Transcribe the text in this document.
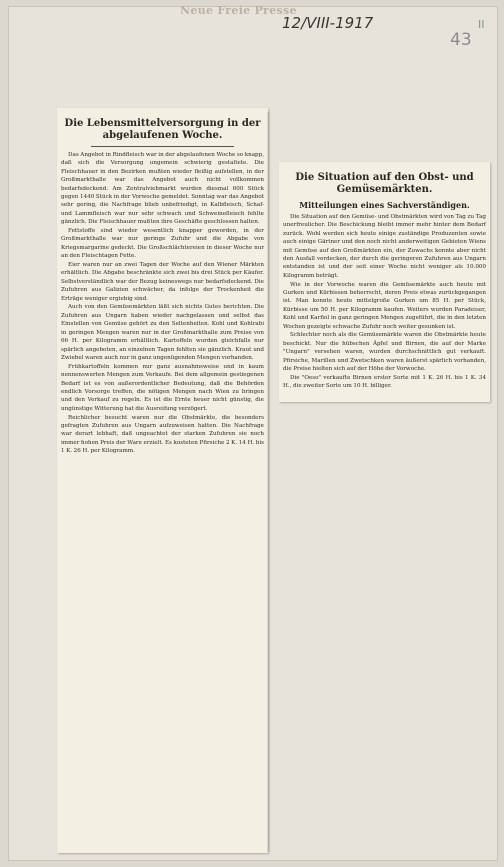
Neue Freie Presse
12/VIII-1917
43
II
Die Lebensmittelversorgung in der abgelaufenen Woche.

Das Angebot in Rindfleisch war in der abgelaufenen Woche so knapp, daß sich die Versorgung ungemein schwierig gestaltete. Die Fleischhauer in den Bezirken mußten wieder fleißig aufstellen, in der Großmarkthalle war das Angebot auch nicht vollkommen bedarfsdeckend. Am Zentralviehmarkt wurden diesmal 600 Stück gegen 1440 Stück in der Vorwoche gemeldet. Sonntag war das Angebot sehr gering, die Nachfrage blieb unbefriedigt, in Kalbfleisch, Schaf- und Lammfleisch war nur sehr schwach und Schweinefleisch fehlte gänzlich. Die Fleischhauer mußten ihre Geschäfte geschlossen halten.

Fettstoffe sind wieder wesentlich knapper geworden, in der Großmarkthalle war nur geringe Zufuhr und die Abgabe von Kriegsmargarine gedeckt. Die Großschlächtereien in dieser Woche nur an den Fleischtagen Fette.

Eier waren nur an zwei Tagen der Woche auf den Wiener Märkten erhältlich. Die Abgabe beschränkte sich zwei bis drei Stück per Käufer. Selbstverständlich war der Bezug keineswegs nur bedarfsdeckend. Die Zufuhren aus Galizien schwächer, da infolge der Trockenheit die Erträge weniger ergiebig sind.

Auch von den Gemüsemärkten läßt sich nichts Gutes berichten. Die Zufuhren aus Ungarn haben wieder nachgelassen und selbst das Einstellen von Gemüse gehört zu den Seltenheiten. Kohl und Kohlrabi in geringen Mengen waren nur in der Großmarkthalle zum Preise von 66 H. per Kilogramm erhältlich. Kartoffeln wurden gleichfalls nur spärlich angeboten, an einzelnen Tagen fehlten sie gänzlich. Kraut und Zwiebel waren auch nur in ganz ungenügenden Mengen vorhanden.

Frühkartoffeln kommen nur ganz ausnahmsweise und in kaum nennenswerten Mengen zum Verkaufe. Bei dem allgemein gestiegenen Bedarf ist es von außerordentlicher Bedeutung, daß die Behörden endlich Vorsorge treffen, die nötigen Mengen nach Wien zu bringen und den Verkauf zu regeln. Es ist die Ernte heuer nicht günstig, die ungünstige Witterung hat die Ausreifung verzögert.

Reichlicher besucht waren nur die Obstmärkte, die besonders gefragten Zufuhren aus Ungarn aufzuweisen hatten. Die Nachfrage war derart lebhaft, daß ungeachtet der starken Zufuhren sie noch immer hohen Preis der Ware erzielt. Es kosteten Pfirsiche 2 K. 14 H. bis 1 K. 26 H. per Kilogramm.

Die Situation auf den Obst- und Gemüsemärkten.
Mitteilungen eines Sachverständigen.

Die Situation auf den Gemüse- und Obstmärkten wird von Tag zu Tag unerfreulicher. Die Beschickung bleibt immer mehr hinter dem Bedarf zurück. Wohl werden sich heute einige zuständige Produzenten sowie auch einige Gärtner und den noch nicht anderweitigen Gebieten Wiens mit Gemüse auf den Großmärkten ein, der Zuwachs konnte aber nicht den Ausfall verdecken, der durch die geringeren Zufuhren aus Ungarn entstanden ist und der seit einer Woche nicht weniger als 10.000 Kilogramm beträgt.

Wie in der Vorwoche waren die Gemüsemärkte auch heute mit Gurken und Kürbissen beherrscht, deren Preis etwas zurückgegangen ist. Man konnte heute mittelgroße Gurken um 85 H. per Stück, Kürbisse um 50 H. per Kilogramm kaufen. Weiters wurden Paradeiser, Kohl und Karfiol in ganz geringen Mengen zugeführt, die in den letzten Wochen gezeigte schwache Zufuhr noch weiter gesunken ist.

Schlechter noch als die Gemüsemärkte waren die Obstmärkte heute beschickt. Nur die hübschen Äpfel und Birnen, die auf der Marke "Ungarn" versehen waren, wurden durchschnittlich gut verkauft. Pfirsiche, Marillen und Zwetschken waren äußerst spärlich vorhanden, die Preise hielten sich auf der Höhe der Vorwoche.

Die "Oeso" verkaufte Birnen erster Sorte mit 1 K. 26 H. bis 1 K. 34 H., die zweiter Sorte um 10 H. billiger.
